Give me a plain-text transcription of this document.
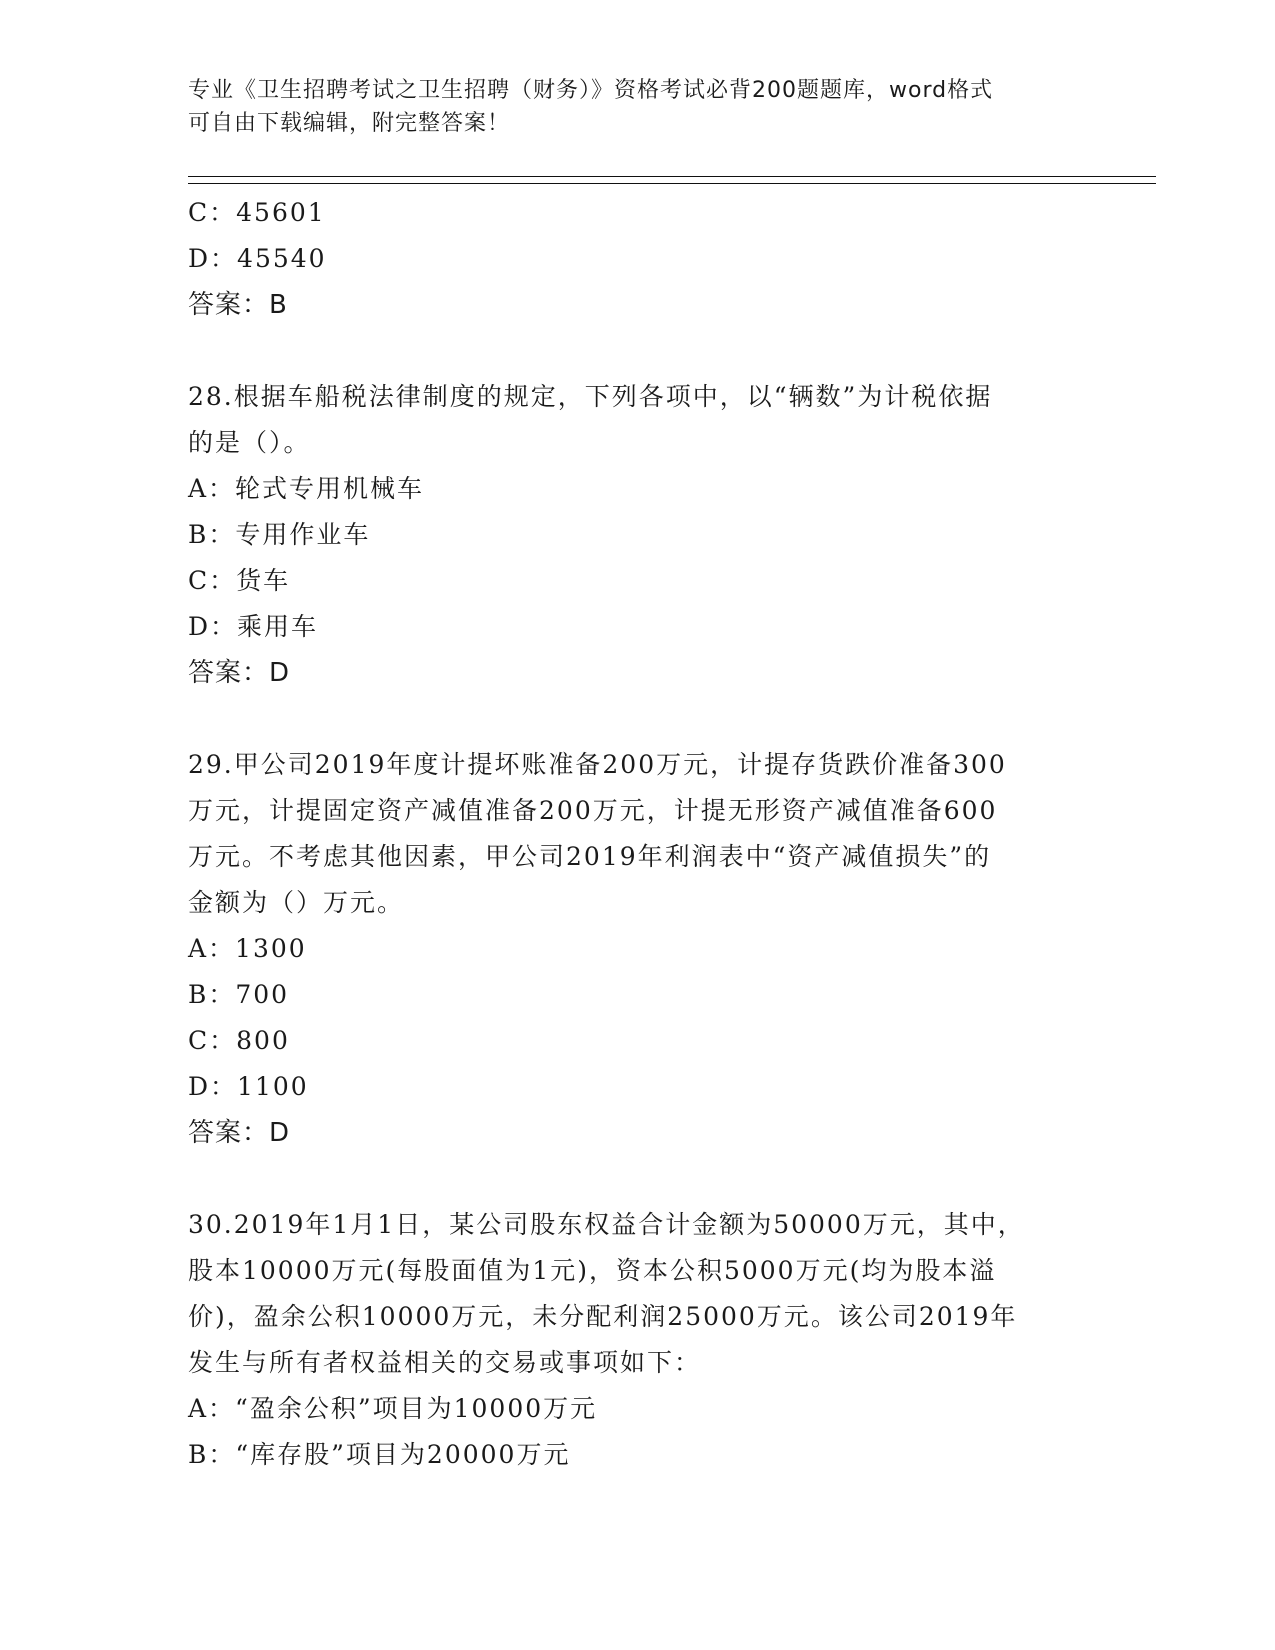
专业《卫生招聘考试之卫生招聘（财务）》资格考试必背200题题库，word格式
可自由下载编辑，附完整答案！
C：45601
D：45540
答案：B
28.根据车船税法律制度的规定，下列各项中，以“辆数”为计税依据
的是（）。
A：轮式专用机械车
B：专用作业车
C：货车
D：乘用车
答案：D
29.甲公司2019年度计提坏账准备200万元，计提存货跌价准备300
万元，计提固定资产减值准备200万元，计提无形资产减值准备600
万元。不考虑其他因素，甲公司2019年利润表中“资产减值损失”的
金额为（）万元。
A：1300
B：700
C：800
D：1100
答案：D
30.2019年1月1日，某公司股东权益合计金额为50000万元，其中，
股本10000万元(每股面值为1元)，资本公积5000万元(均为股本溢
价)，盈余公积10000万元，未分配利润25000万元。该公司2019年
发生与所有者权益相关的交易或事项如下：
A：“盈余公积”项目为10000万元
B：“库存股”项目为20000万元
